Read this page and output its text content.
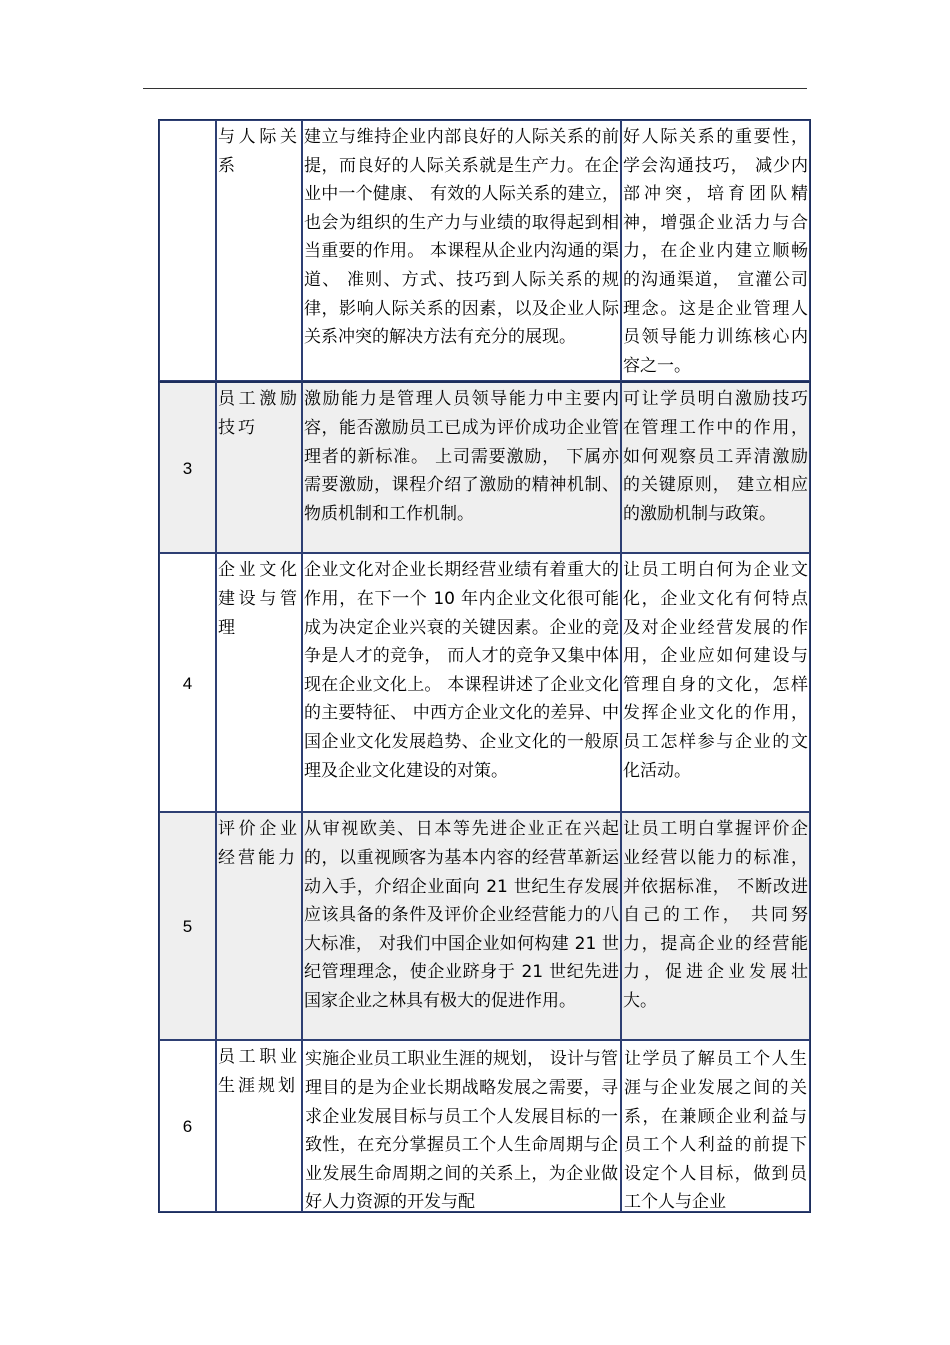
	与人际关系	建立与维持企业内部良好的人际关系的前提，而良好的人际关系就是生产力。在企业中一个健康、 有效的人际关系的建立，也会为组织的生产力与业绩的取得起到相当重要的作用。 本课程从企业内沟通的渠道、 准则、方式、技巧到人际关系的规律，影响人际关系的因素，以及企业人际关系冲突的解决方法有充分的展现。	好人际关系的重要性，学会沟通技巧， 减少内部冲突，培育团队精神，增强企业活力与合力，在企业内建立顺畅的沟通渠道， 宣灌公司理念。这是企业管理人员领导能力训练核心内容之一。
3	员工激励技巧	激励能力是管理人员领导能力中主要内容，能否激励员工已成为评价成功企业管理者的新标准。 上司需要激励， 下属亦需要激励，课程介绍了激励的精神机制、物质机制和工作机制。	可让学员明白激励技巧在管理工作中的作用，如何观察员工弄清激励的关键原则， 建立相应的激励机制与政策。
4	企业文化建设与管理	企业文化对企业长期经营业绩有着重大的作用，在下一个 10 年内企业文化很可能成为决定企业兴衰的关键因素。企业的竞争是人才的竞争， 而人才的竞争又集中体现在企业文化上。 本课程讲述了企业文化的主要特征、 中西方企业文化的差异、中国企业文化发展趋势、企业文化的一般原理及企业文化建设的对策。	让员工明白何为企业文化，企业文化有何特点及对企业经营发展的作用，企业应如何建设与管理自身的文化，怎样发挥企业文化的作用，员工怎样参与企业的文化活动。
5	评价企业经营能力	从审视欧美、日本等先进企业正在兴起的，以重视顾客为基本内容的经营革新运动入手，介绍企业面向 21 世纪生存发展应该具备的条件及评价企业经营能力的八大标准， 对我们中国企业如何构建 21 世纪管理理念，使企业跻身于 21 世纪先进国家企业之林具有极大的促进作用。	让员工明白掌握评价企业经营以能力的标准，并依据标准， 不断改进自己的工作， 共同努力，提高企业的经营能力，促进企业发展壮大。
6	员工职业生涯规划	实施企业员工职业生涯的规划， 设计与管理目的是为企业长期战略发展之需要，寻求企业发展目标与员工个人发展目标的一致性，在充分掌握员工个人生命周期与企业发展生命周期之间的关系上，为企业做好人力资源的开发与配	让学员了解员工个人生涯与企业发展之间的关系，在兼顾企业利益与员工个人利益的前提下设定个人目标，做到员工个人与企业
